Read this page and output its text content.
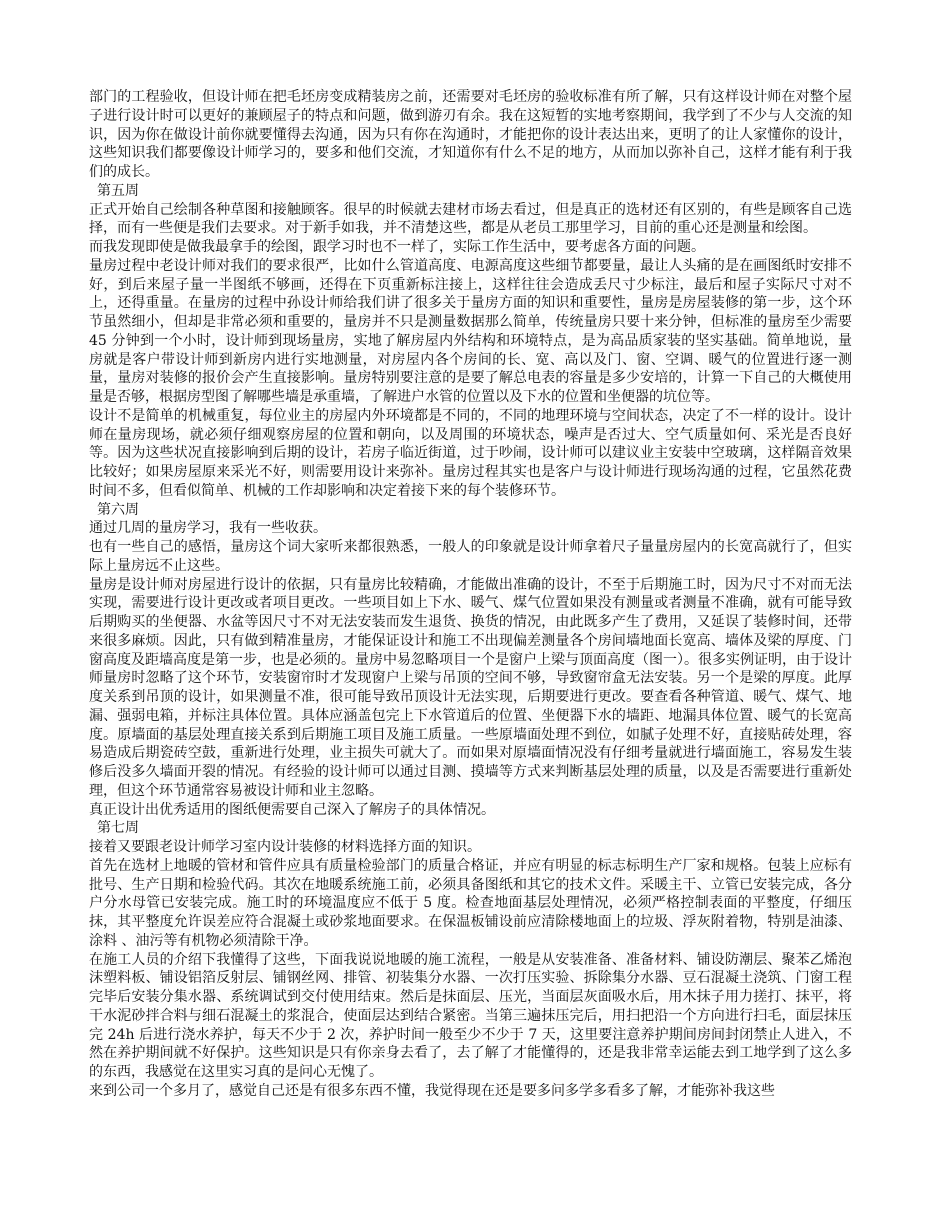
部门的工程验收，但设计师在把毛坯房变成精装房之前，还需要对毛坯房的验收标准有所了解，只有这样设计师在对整个屋子进行设计时可以更好的兼顾屋子的特点和问题，做到游刃有余。我在这短暂的实地考察期间，我学到了不少与人交流的知识，因为你在做设计前你就要懂得去沟通，因为只有你在沟通时，才能把你的设计表达出来，更明了的让人家懂你的设计，这些知识我们都要像设计师学习的，要多和他们交流，才知道你有什么不足的地方，从而加以弥补自己，这样才能有利于我们的成长。

第五周

正式开始自己绘制各种草图和接触顾客。很早的时候就去建材市场去看过，但是真正的选材还有区别的，有些是顾客自己选择，而有一些便是我们去要求。对于新手如我，并不清楚这些，都是从老员工那里学习，目前的重心还是测量和绘图。

而我发现即使是做我最拿手的绘图，跟学习时也不一样了，实际工作生活中，要考虑各方面的问题。

量房过程中老设计师对我们的要求很严，比如什么管道高度、电源高度这些细节都要量，最让人头痛的是在画图纸时安排不好，到后来屋子量一半图纸不够画，还得在下页重新标注接上，这样往往会造成丢尺寸少标注，最后和屋子实际尺寸对不上，还得重量。在量房的过程中孙设计师给我们讲了很多关于量房方面的知识和重要性，量房是房屋装修的第一步，这个环节虽然细小，但却是非常必须和重要的，量房并不只是测量数据那么简单，传统量房只要十来分钟，但标准的量房至少需要 45 分钟到一个小时，设计师到现场量房，实地了解房屋内外结构和环境特点，是为高品质家装的坚实基础。简单地说，量房就是客户带设计师到新房内进行实地测量，对房屋内各个房间的长、宽、高以及门、窗、空调、暖气的位置进行逐一测量，量房对装修的报价会产生直接影响。量房特别要注意的是要了解总电表的容量是多少安培的，计算一下自己的大概使用量是否够，根据房型图了解哪些墙是承重墙，了解进户水管的位置以及下水的位置和坐便器的坑位等。

设计不是简单的机械重复，每位业主的房屋内外环境都是不同的，不同的地理环境与空间状态，决定了不一样的设计。设计师在量房现场，就必须仔细观察房屋的位置和朝向，以及周围的环境状态，噪声是否过大、空气质量如何、采光是否良好等。因为这些状况直接影响到后期的设计，若房子临近街道，过于吵闹，设计师可以建议业主安装中空玻璃，这样隔音效果比较好；如果房屋原来采光不好，则需要用设计来弥补。量房过程其实也是客户与设计师进行现场沟通的过程，它虽然花费时间不多，但看似简单、机械的工作却影响和决定着接下来的每个装修环节。

第六周

通过几周的量房学习，我有一些收获。

也有一些自己的感悟，量房这个词大家听来都很熟悉，一般人的印象就是设计师拿着尺子量量房屋内的长宽高就行了，但实际上量房远不止这些。

量房是设计师对房屋进行设计的依据，只有量房比较精确，才能做出准确的设计，不至于后期施工时，因为尺寸不对而无法实现，需要进行设计更改或者项目更改。一些项目如上下水、暖气、煤气位置如果没有测量或者测量不准确，就有可能导致后期购买的坐便器、水盆等因尺寸不对无法安装而发生退货、换货的情况，由此既多产生了费用，又延误了装修时间，还带来很多麻烦。因此，只有做到精准量房，才能保证设计和施工不出现偏差测量各个房间墙地面长宽高、墙体及梁的厚度、门窗高度及距墙高度是第一步，也是必须的。量房中易忽略项目一个是窗户上梁与顶面高度（图一）。很多实例证明，由于设计师量房时忽略了这个环节，安装窗帘时才发现窗户上梁与吊顶的空间不够，导致窗帘盒无法安装。另一个是梁的厚度。此厚度关系到吊顶的设计，如果测量不准，很可能导致吊顶设计无法实现，后期要进行更改。要查看各种管道、暖气、煤气、地漏、强弱电箱，并标注具体位置。具体应涵盖包完上下水管道后的位置、坐便器下水的墙距、地漏具体位置、暖气的长宽高度。原墙面的基层处理直接关系到后期施工项目及施工质量。一些原墙面处理不到位，如腻子处理不好，直接贴砖处理，容易造成后期瓷砖空鼓，重新进行处理，业主损失可就大了。而如果对原墙面情况没有仔细考量就进行墙面施工，容易发生装修后没多久墙面开裂的情况。有经验的设计师可以通过目测、摸墙等方式来判断基层处理的质量，以及是否需要进行重新处理，但这个环节通常容易被设计师和业主忽略。

真正设计出优秀适用的图纸便需要自己深入了解房子的具体情况。

第七周

接着又要跟老设计师学习室内设计装修的材料选择方面的知识。

首先在选材上地暖的管材和管件应具有质量检验部门的质量合格证，并应有明显的标志标明生产厂家和规格。包装上应标有批号、生产日期和检验代码。其次在地暖系统施工前，必须具备图纸和其它的技术文件。采暖主干、立管已安装完成，各分户分水母管已安装完成。施工时的环境温度应不低于 5 度。检查地面基层处理情况，必须严格控制表面的平整度，仔细压抹，其平整度允许误差应符合混凝土或砂浆地面要求。在保温板铺设前应清除楼地面上的垃圾、浮灰附着物，特别是油漆、涂料 、油污等有机物必须清除干净。

在施工人员的介绍下我懂得了这些，下面我说说地暖的施工流程，一般是从安装准备、准备材料、铺设防潮层、聚苯乙烯泡沫塑料板、铺设铝箔反射层、铺钢丝网、排管、初装集分水器、一次打压实验、拆除集分水器、豆石混凝土浇筑、门窗工程完毕后安装分集水器、系统调试到交付使用结束。然后是抹面层、压光，当面层灰面吸水后，用木抹子用力搓打、抹平，将干水泥砂拌合料与细石混凝土的浆混合，使面层达到结合紧密。当第三遍抹压完后，用扫把沿一个方向进行扫毛，面层抹压完 24h 后进行浇水养护，每天不少于 2 次，养护时间一般至少不少于 7 天，这里要注意养护期间房间封闭禁止人进入，不然在养护期间就不好保护。这些知识是只有你亲身去看了，去了解了才能懂得的，还是我非常幸运能去到工地学到了这么多的东西，我感觉在这里实习真的是问心无愧了。

来到公司一个多月了，感觉自己还是有很多东西不懂，我觉得现在还是要多问多学多看多了解，才能弥补我这些
